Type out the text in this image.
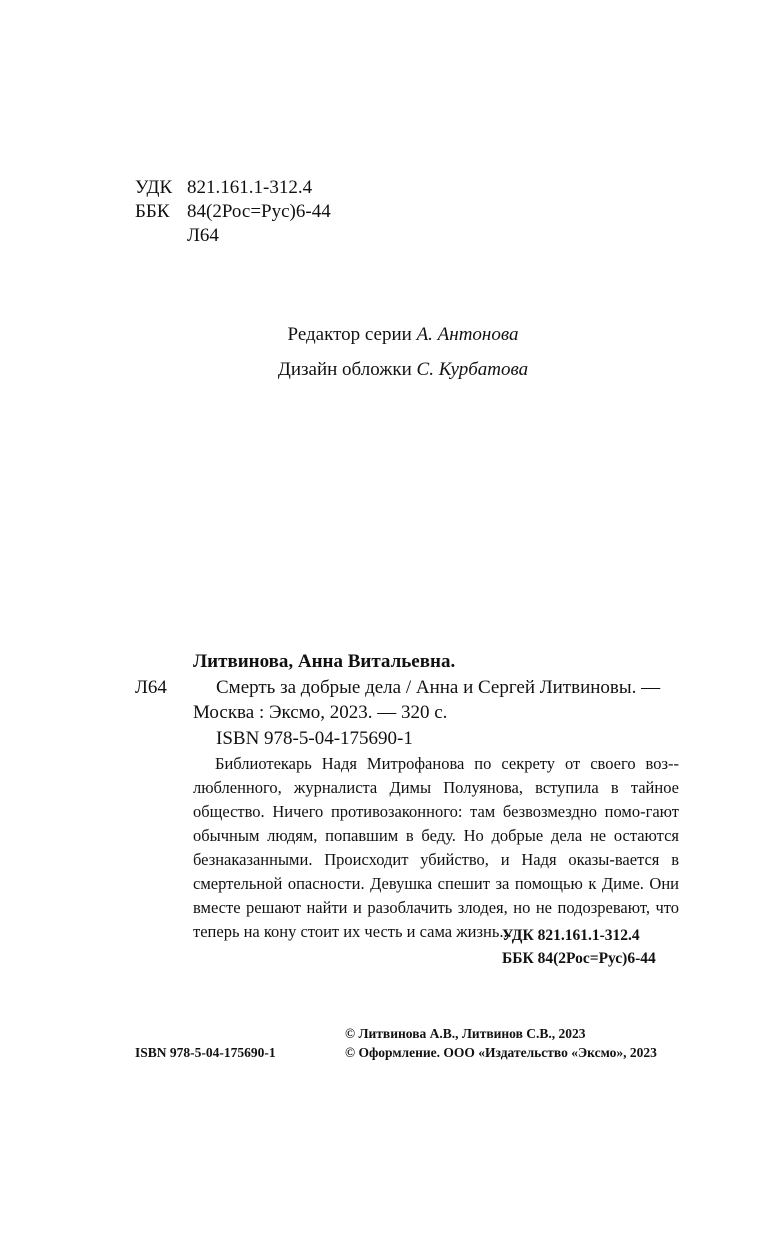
УДК 821.161.1-312.4
ББК 84(2Рос=Рус)6-44
Л64
Редактор серии А. Антонова
Дизайн обложки С. Курбатова
Литвинова, Анна Витальевна.
Л64	Смерть за добрые дела / Анна и Сергей Литвиновы. —
Москва : Эксмо, 2023. — 320 с.
ISBN 978-5-04-175690-1
Библиотекарь Надя Митрофанова по секрету от своего воз-любленного, журналиста Димы Полуянова, вступила в тайное общество. Ничего противозаконного: там безвозмездно помо-гают обычным людям, попавшим в беду. Но добрые дела не остаются безнаказанными. Происходит убийство, и Надя оказы-вается в смертельной опасности. Девушка спешит за помощью к Диме. Они вместе решают найти и разоблачить злодея, но не подозревают, что теперь на кону стоит их честь и сама жизнь...
УДК 821.161.1-312.4
ББК 84(2Рос=Рус)6-44
ISBN 978-5-04-175690-1
© Литвинова А.В., Литвинов С.В., 2023
© Оформление. ООО «Издательство «Эксмо», 2023
